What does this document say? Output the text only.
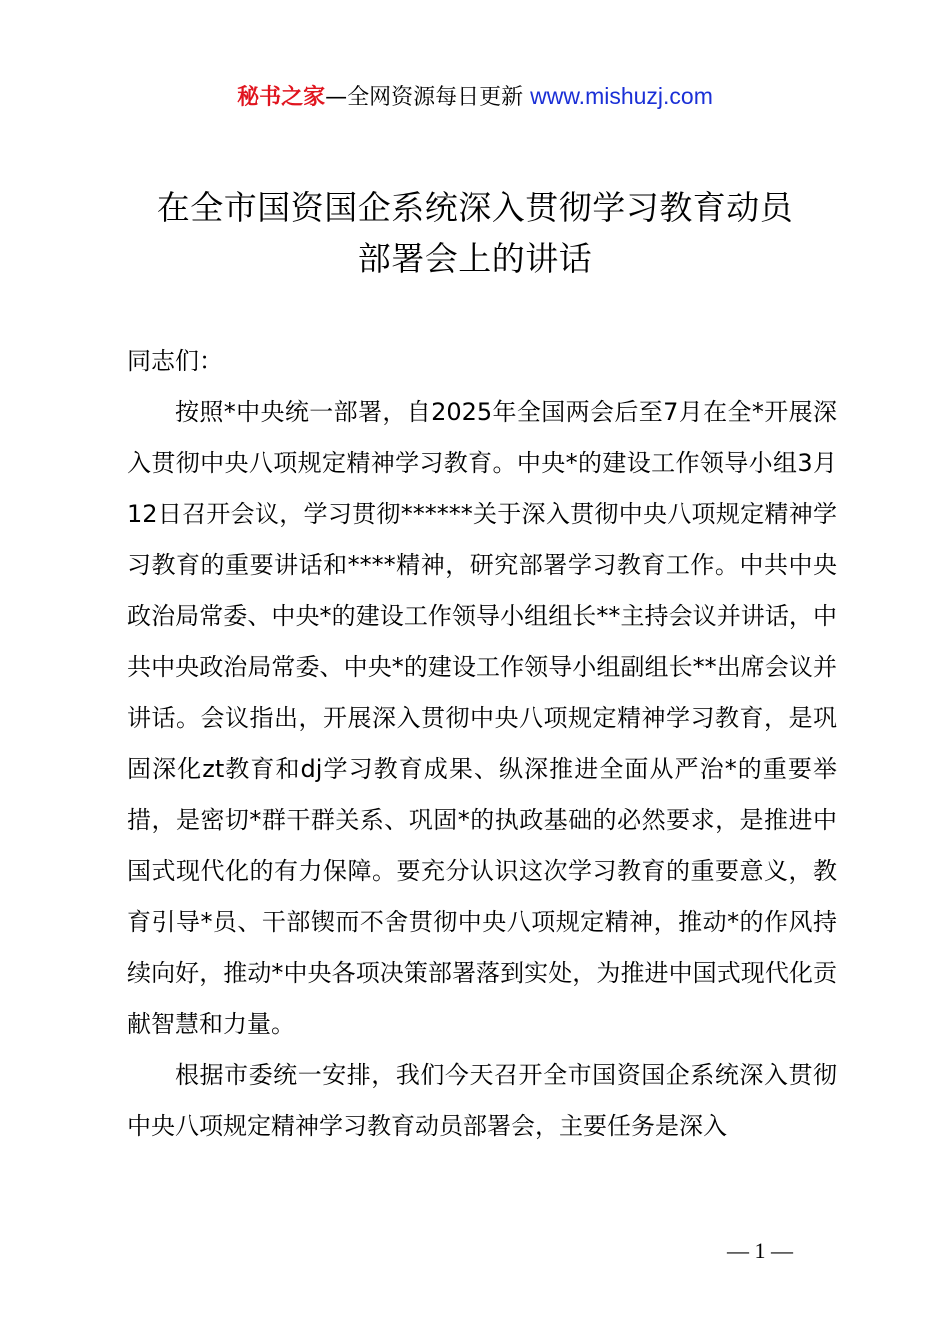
秘书之家—全网资源每日更新 www.mishuzj.com
在全市国资国企系统深入贯彻学习教育动员
部署会上的讲话

同志们：

按照*中央统一部署，自2025年全国两会后至7月在全*开展深入贯彻中央八项规定精神学习教育。中央*的建设工作领导小组3月12日召开会议，学习贯彻******关于深入贯彻中央八项规定精神学习教育的重要讲话和****精神，研究部署学习教育工作。中共中央政治局常委、中央*的建设工作领导小组组长**主持会议并讲话，中共中央政治局常委、中央*的建设工作领导小组副组长**出席会议并讲话。会议指出，开展深入贯彻中央八项规定精神学习教育，是巩固深化zt教育和dj学习教育成果、纵深推进全面从严治*的重要举措，是密切*群干群关系、巩固*的执政基础的必然要求，是推进中国式现代化的有力保障。要充分认识这次学习教育的重要意义，教育引导*员、干部锲而不舍贯彻中央八项规定精神，推动*的作风持续向好，推动*中央各项决策部署落到实处，为推进中国式现代化贡献智慧和力量。

根据市委统一安排，我们今天召开全市国资国企系统深入贯彻中央八项规定精神学习教育动员部署会，主要任务是深入

— 1 —
